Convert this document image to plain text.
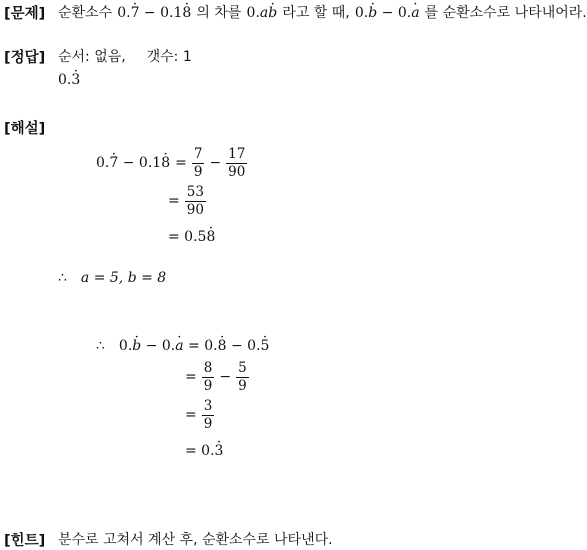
[문제] 순환소수 0.7 · − 0.18 · 의 차를 0.ab · 라고 할 때, 0.b · − 0.a · 를 순환소수로 나타내어라.
[정답] 순서: 없음, 갯수: 1
0.3 ·
[해설]
0.7 · − 0.18 · = $\frac{7}{9} - \frac{17}{90}$
= $\frac{53}{90}$
= 0.58 ·
∴ a = 5, b = 8
∴ 0.b · − 0.a · = 0.8 · − 0.5 ·
= $\frac{8}{9} - \frac{5}{9}$
= $\frac{3}{9}$
= 0.3 ·
[힌트] 분수로 고쳐서 계산 후, 순환소수로 나타낸다.
